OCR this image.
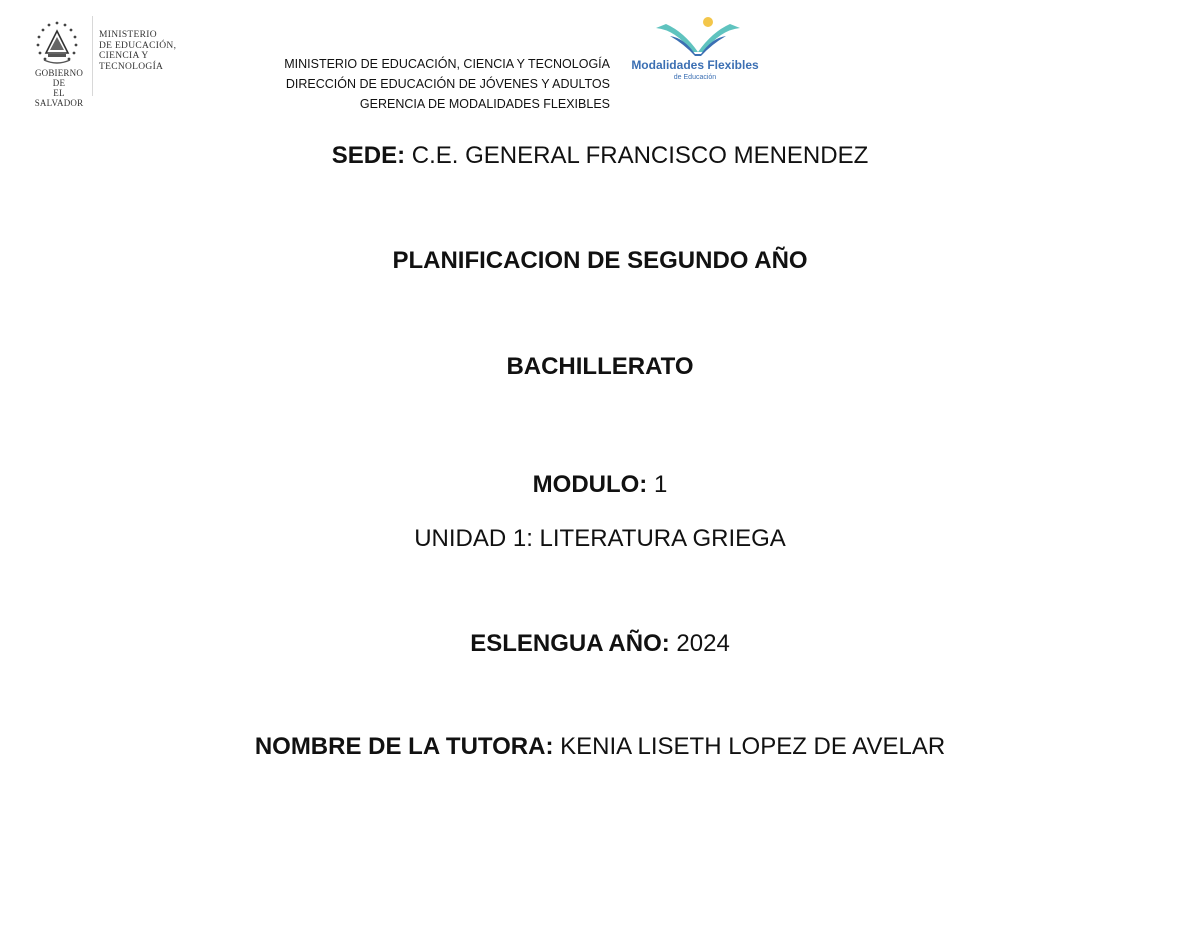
GOBIERNO DE
EL SALVADOR
MINISTERIO
DE EDUCACIÓN,
CIENCIA Y
TECNOLOGÍA	MINISTERIO DE EDUCACIÓN, CIENCIA Y TECNOLOGÍA
DIRECCIÓN DE EDUCACIÓN DE JÓVENES Y ADULTOS
GERENCIA DE MODALIDADES FLEXIBLES
Modalidades Flexibles
de Educación
SEDE: C.E. GENERAL FRANCISCO MENENDEZ
PLANIFICACION DE SEGUNDO AÑO
BACHILLERATO
MODULO: 1
UNIDAD 1: LITERATURA GRIEGA
ESLENGUA AÑO: 2024
NOMBRE DE LA TUTORA: KENIA LISETH LOPEZ DE AVELAR
